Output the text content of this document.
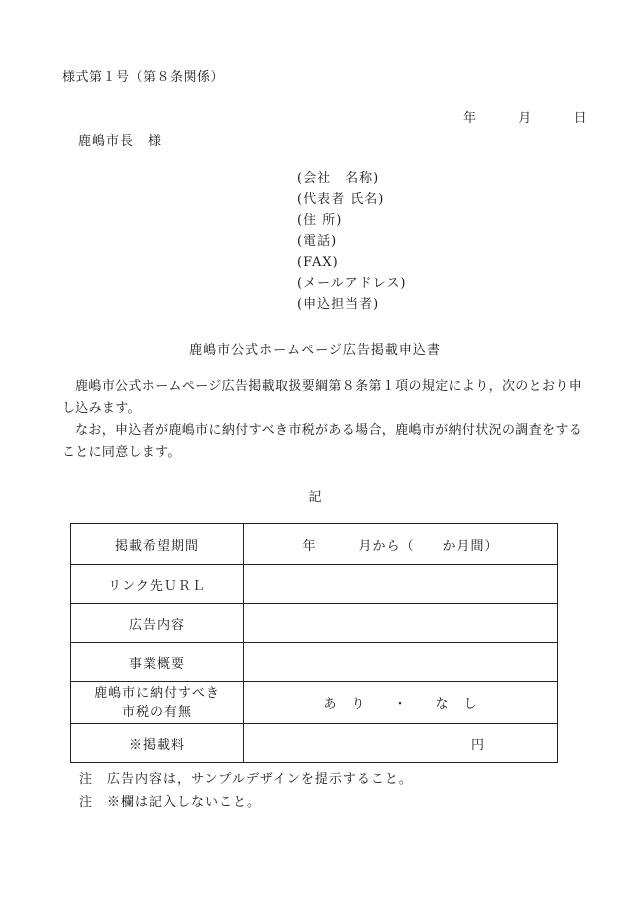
様式第１号（第８条関係）
年	月	日
鹿嶋市長　様
(会社　名称)
(代表者 氏名)
(住 所)
(電話)
(FAX)
(メールアドレス)
(申込担当者)
鹿嶋市公式ホームページ広告掲載申込書

鹿嶋市公式ホームページ広告掲載取扱要綱第８条第１項の規定により，次のとおり申し込みます。

なお，申込者が鹿嶋市に納付すべき市税がある場合，鹿嶋市が納付状況の調査をすることに同意します。

記
掲載希望期間	年　　　月から（　　か月間）
リンク先ＵＲＬ	
広告内容	
事業概要	

鹿嶋市に納付すべき
市税の有無	あ　り　　・　　な　し
※掲載料	円
注　広告内容は，サンプルデザインを提示すること。
注　※欄は記入しないこと。
